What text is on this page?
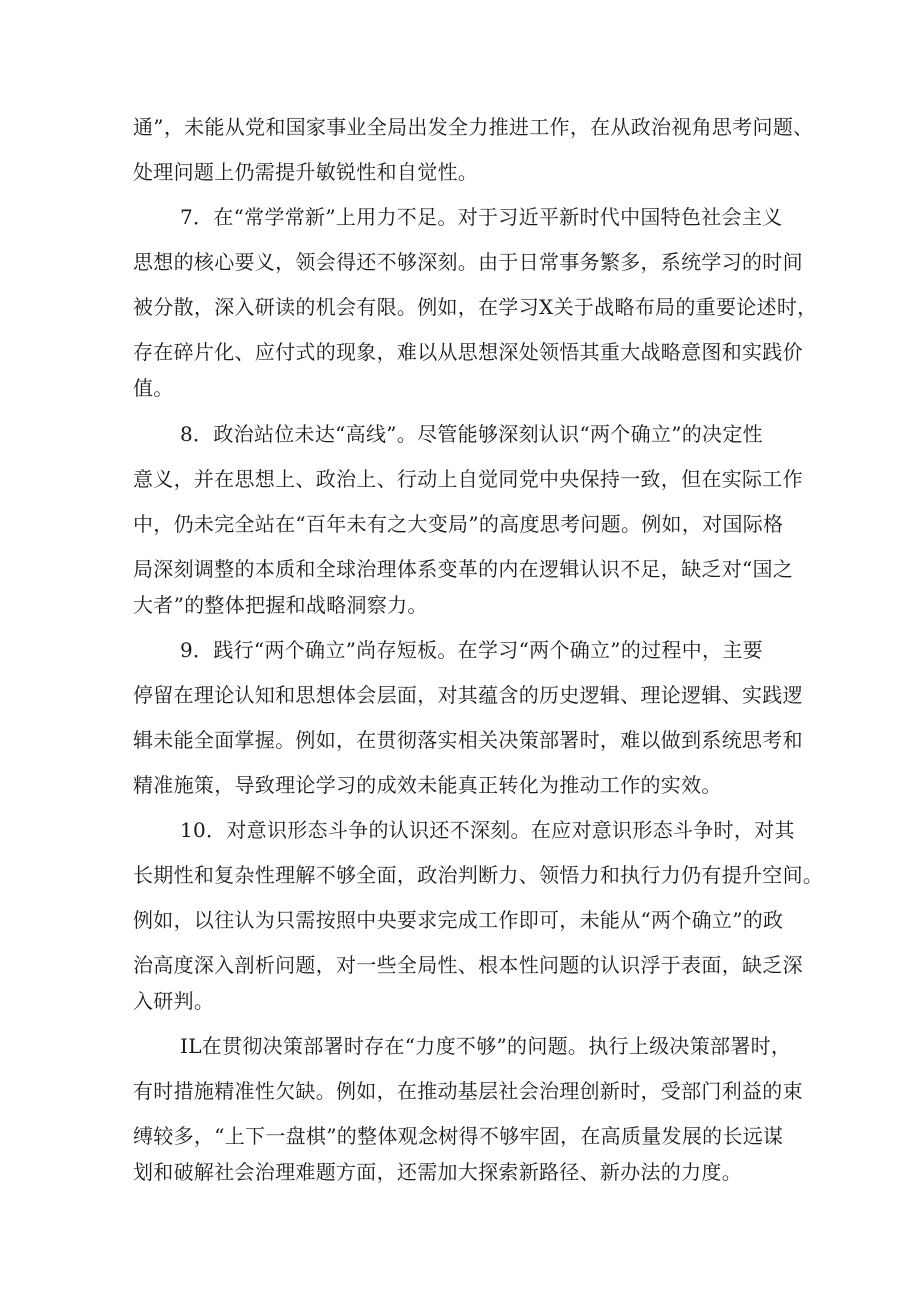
通”，未能从党和国家事业全局出发全力推进工作，在从政治视角思考问题、
处理问题上仍需提升敏锐性和自觉性。
7．在“常学常新”上用力不足。对于习近平新时代中国特色社会主义
思想的核心要义，领会得还不够深刻。由于日常事务繁多，系统学习的时间
被分散，深入研读的机会有限。例如，在学习X关于战略布局的重要论述时，
存在碎片化、应付式的现象，难以从思想深处领悟其重大战略意图和实践价
值。
8．政治站位未达“高线”。尽管能够深刻认识“两个确立”的决定性
意义，并在思想上、政治上、行动上自觉同党中央保持一致，但在实际工作
中，仍未完全站在“百年未有之大变局”的高度思考问题。例如，对国际格
局深刻调整的本质和全球治理体系变革的内在逻辑认识不足，缺乏对“国之
大者”的整体把握和战略洞察力。
9．践行“两个确立”尚存短板。在学习“两个确立”的过程中，主要
停留在理论认知和思想体会层面，对其蕴含的历史逻辑、理论逻辑、实践逻
辑未能全面掌握。例如，在贯彻落实相关决策部署时，难以做到系统思考和
精准施策，导致理论学习的成效未能真正转化为推动工作的实效。
10．对意识形态斗争的认识还不深刻。在应对意识形态斗争时，对其
长期性和复杂性理解不够全面，政治判断力、领悟力和执行力仍有提升空间。
例如，以往认为只需按照中央要求完成工作即可，未能从“两个确立”的政
治高度深入剖析问题，对一些全局性、根本性问题的认识浮于表面，缺乏深
入研判。
IL在贯彻决策部署时存在“力度不够”的问题。执行上级决策部署时，
有时措施精准性欠缺。例如，在推动基层社会治理创新时，受部门利益的束
缚较多，“上下一盘棋”的整体观念树得不够牢固，在高质量发展的长远谋
划和破解社会治理难题方面，还需加大探索新路径、新办法的力度。
